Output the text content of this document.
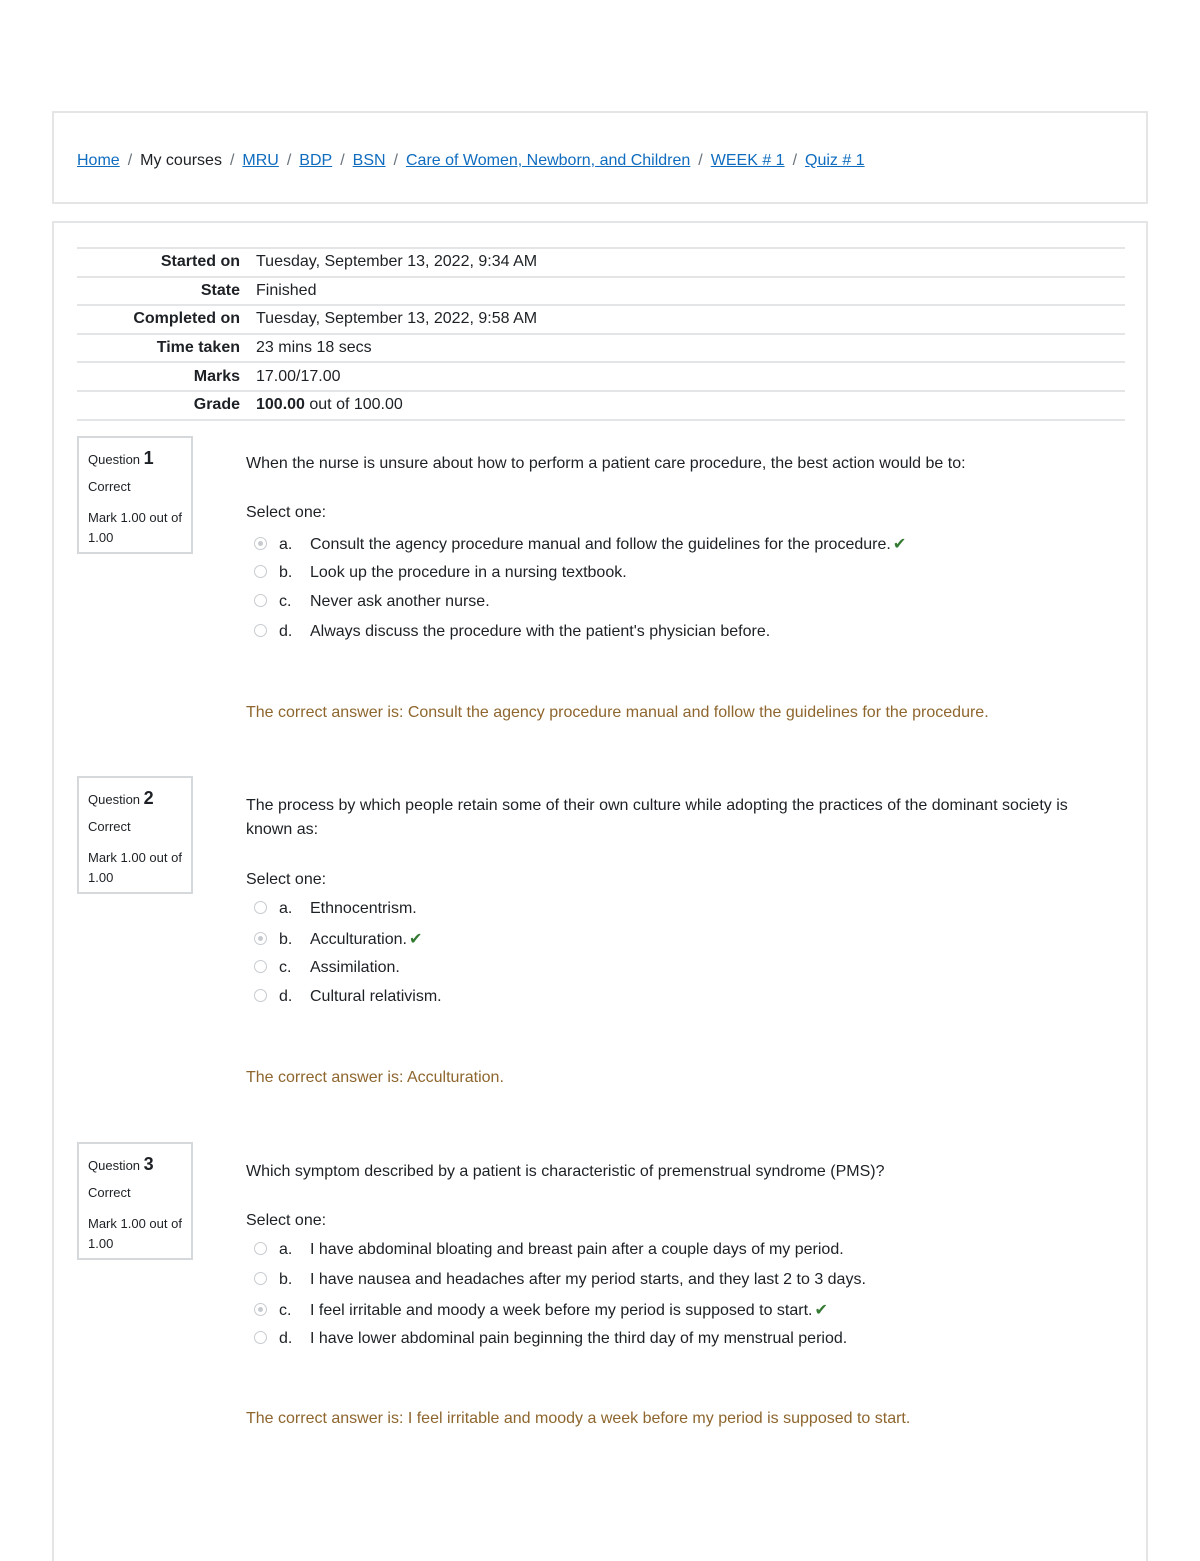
Home / My courses / MRU / BDP / BSN / Care of Women, Newborn, and Children / WEEK # 1 / Quiz # 1
Started on	Tuesday, September 13, 2022, 9:34 AM
State	Finished
Completed on	Tuesday, September 13, 2022, 9:58 AM
Time taken	23 mins 18 secs
Marks	17.00/17.00
Grade	100.00 out of 100.00
Question 1
Correct
Mark 1.00 out of 1.00
When the nurse is unsure about how to perform a patient care procedure, the best action would be to:
Select one:
a. Consult the agency procedure manual and follow the guidelines for the procedure. ✔
b. Look up the procedure in a nursing textbook.
c. Never ask another nurse.
d. Always discuss the procedure with the patient's physician before.
The correct answer is: Consult the agency procedure manual and follow the guidelines for the procedure.
Question 2
Correct
Mark 1.00 out of 1.00
The process by which people retain some of their own culture while adopting the practices of the dominant society is known as:
Select one:
a. Ethnocentrism.
b. Acculturation. ✔
c. Assimilation.
d. Cultural relativism.
The correct answer is: Acculturation.
Question 3
Correct
Mark 1.00 out of 1.00
Which symptom described by a patient is characteristic of premenstrual syndrome (PMS)?
Select one:
a. I have abdominal bloating and breast pain after a couple days of my period.
b. I have nausea and headaches after my period starts, and they last 2 to 3 days.
c. I feel irritable and moody a week before my period is supposed to start. ✔
d. I have lower abdominal pain beginning the third day of my menstrual period.
The correct answer is: I feel irritable and moody a week before my period is supposed to start.
